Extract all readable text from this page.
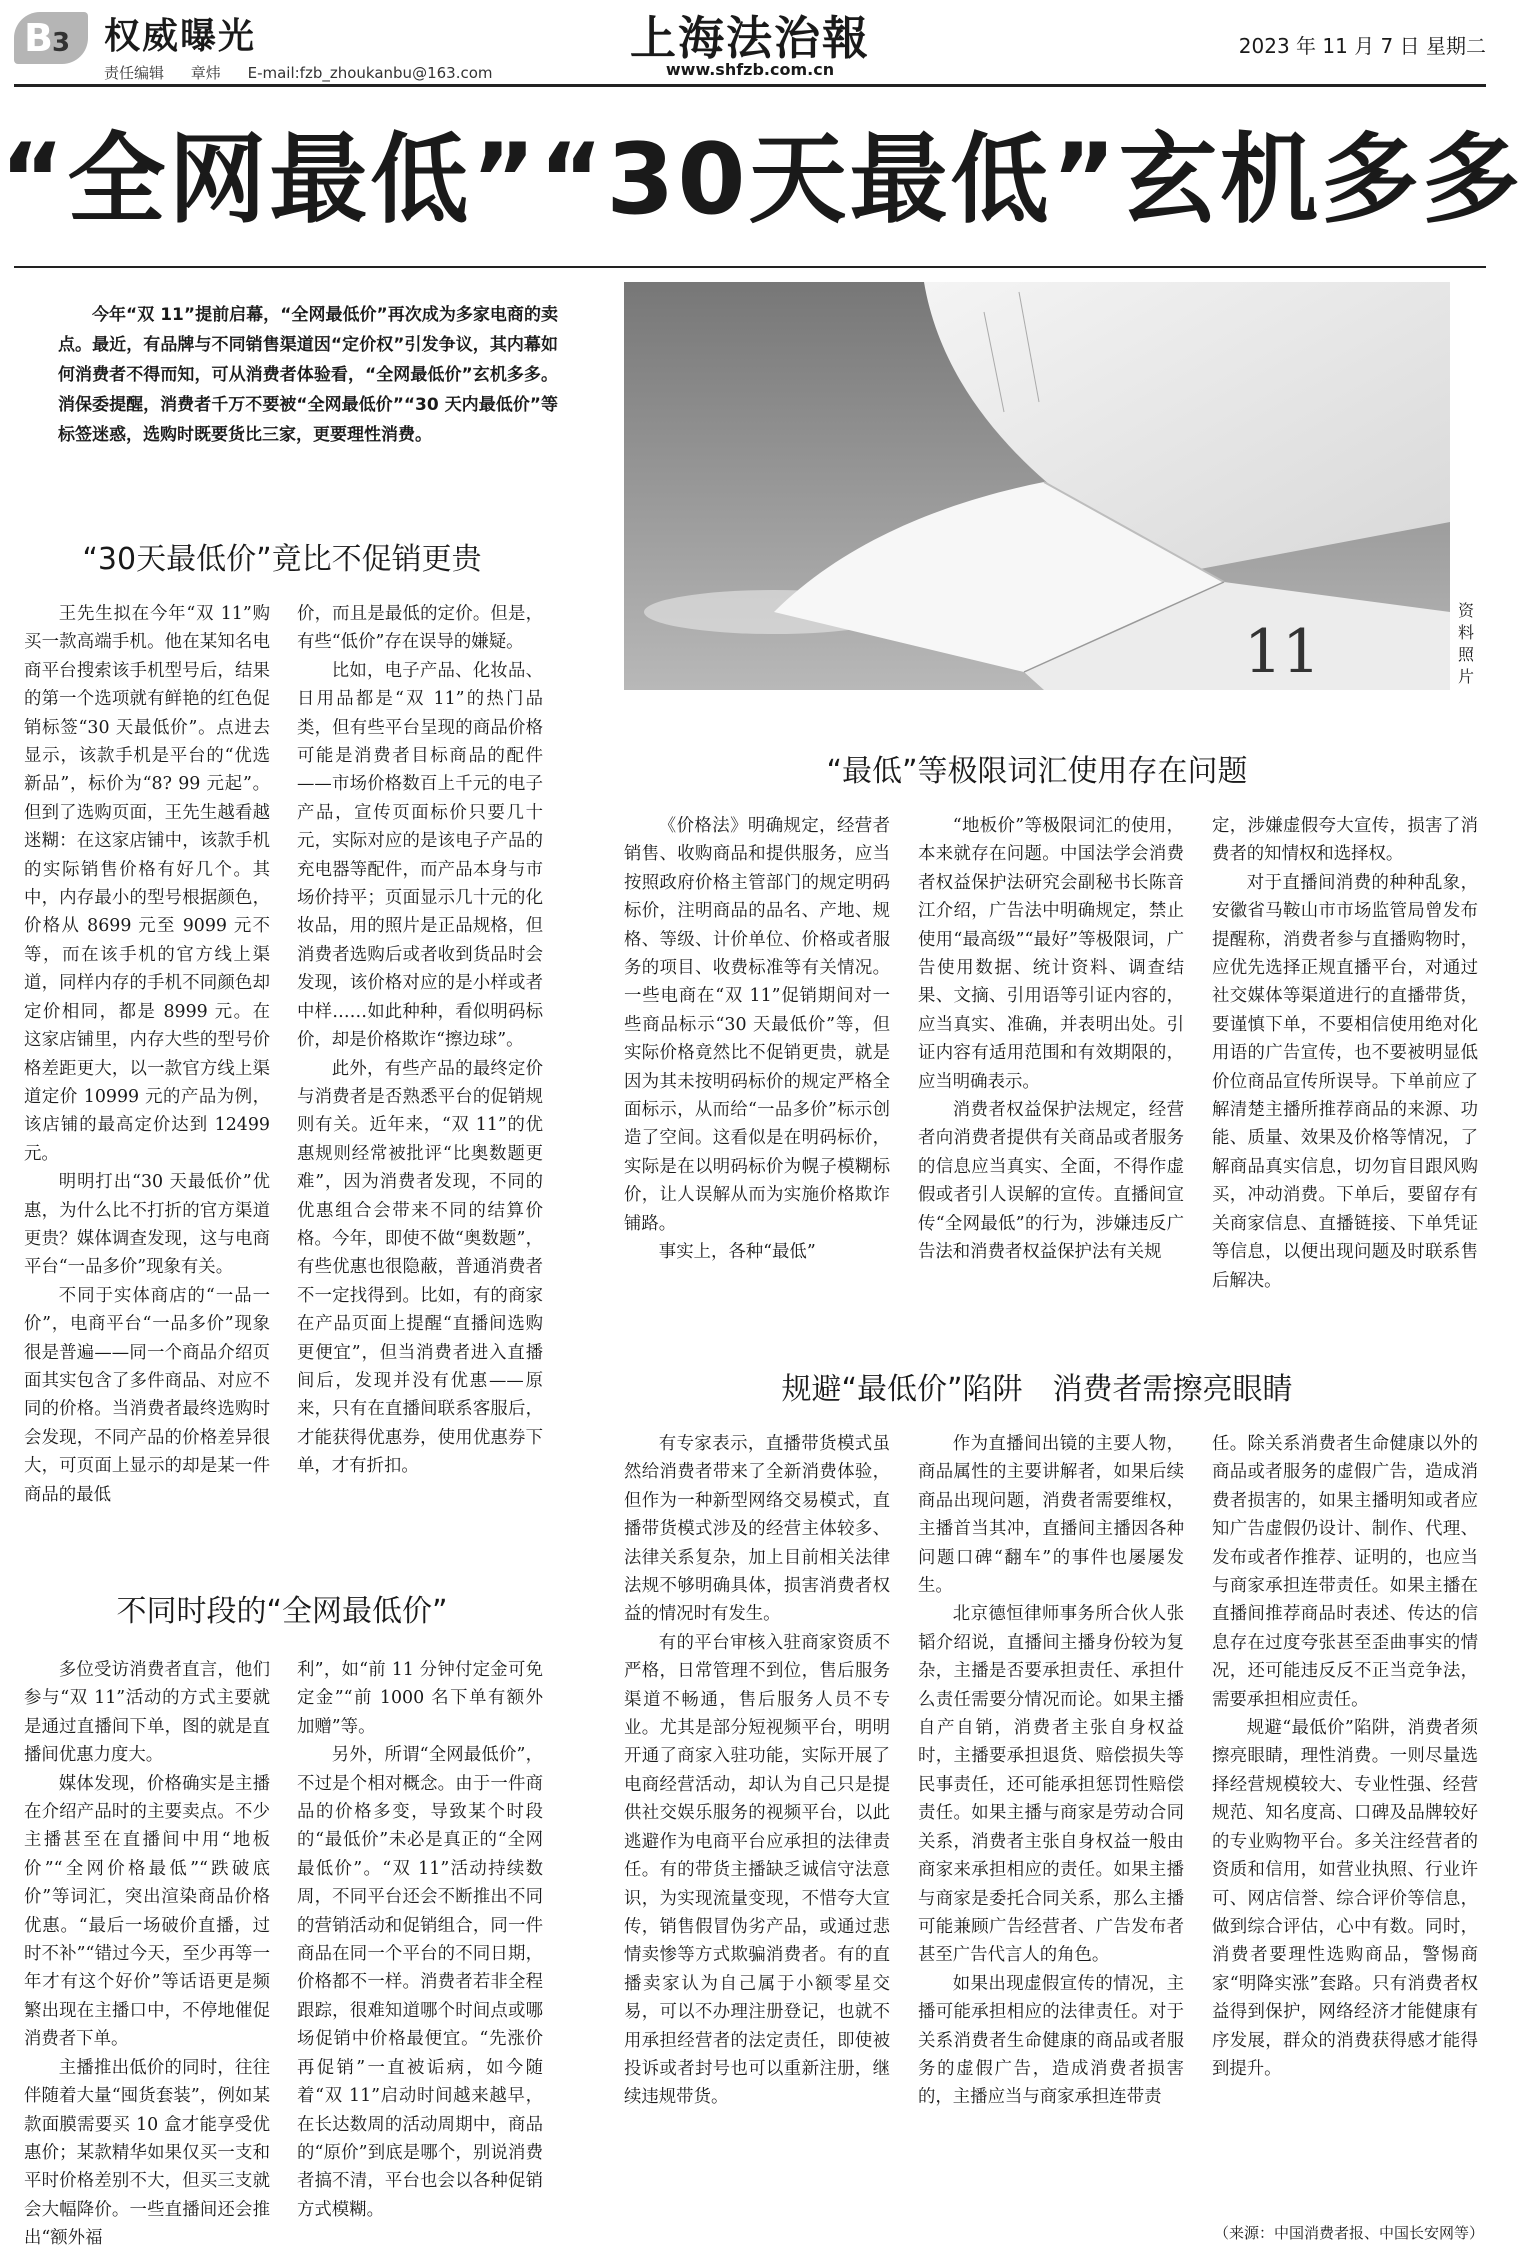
B3 权威曝光
责任编辑 章炜 E-mail:fzb_zhoukanbu@163.com
上海法治報
www.shfzb.com.cn
2023 年 11 月 7 日 星期二
“全网最低”“30天最低”玄机多多
今年“双 11”提前启幕，“全网最低价”再次成为多家电商的卖点。最近，有品牌与不同销售渠道因“定价权”引发争议，其内幕如何消费者不得而知，可从消费者体验看，“全网最低价”玄机多多。消保委提醒，消费者千万不要被“全网最低价”“30 天内最低价”等标签迷惑，选购时既要货比三家，更要理性消费。
11
资料照片
“30天最低价”竟比不促销更贵

王先生拟在今年“双 11”购买一款高端手机。他在某知名电商平台搜索该手机型号后，结果的第一个选项就有鲜艳的红色促销标签“30 天最低价”。点进去显示，该款手机是平台的“优选新品”，标价为“8? 99 元起”。但到了选购页面，王先生越看越迷糊：在这家店铺中，该款手机的实际销售价格有好几个。其中，内存最小的型号根据颜色，价格从 8699 元至 9099 元不等，而在该手机的官方线上渠道，同样内存的手机不同颜色却定价相同，都是 8999 元。在这家店铺里，内存大些的型号价格差距更大，以一款官方线上渠道定价 10999 元的产品为例，该店铺的最高定价达到 12499 元。

明明打出“30 天最低价”优惠，为什么比不打折的官方渠道更贵？媒体调查发现，这与电商平台“一品多价”现象有关。

不同于实体商店的“一品一价”，电商平台“一品多价”现象很是普遍——同一个商品介绍页面其实包含了多件商品、对应不同的价格。当消费者最终选购时会发现，不同产品的价格差异很大，可页面上显示的却是某一件商品的最低

价，而且是最低的定价。但是，有些“低价”存在误导的嫌疑。

比如，电子产品、化妆品、日用品都是“双 11”的热门品类，但有些平台呈现的商品价格可能是消费者目标商品的配件——市场价格数百上千元的电子产品，宣传页面标价只要几十元，实际对应的是该电子产品的充电器等配件，而产品本身与市场价持平；页面显示几十元的化妆品，用的照片是正品规格，但消费者选购后或者收到货品时会发现，该价格对应的是小样或者中样……如此种种，看似明码标价，却是价格欺诈“擦边球”。

此外，有些产品的最终定价与消费者是否熟悉平台的促销规则有关。近年来，“双 11”的优惠规则经常被批评“比奥数题更难”，因为消费者发现，不同的优惠组合会带来不同的结算价格。今年，即使不做“奥数题”，有些优惠也很隐蔽，普通消费者不一定找得到。比如，有的商家在产品页面上提醒“直播间选购更便宜”，但当消费者进入直播间后，发现并没有优惠——原来，只有在直播间联系客服后，才能获得优惠券，使用优惠券下单，才有折扣。

不同时段的“全网最低价”

多位受访消费者直言，他们参与“双 11”活动的方式主要就是通过直播间下单，图的就是直播间优惠力度大。

媒体发现，价格确实是主播在介绍产品时的主要卖点。不少主播甚至在直播间中用“地板价”“全网价格最低”“跌破底价”等词汇，突出渲染商品价格优惠。“最后一场破价直播，过时不补”“错过今天，至少再等一年才有这个好价”等话语更是频繁出现在主播口中，不停地催促消费者下单。

主播推出低价的同时，往往伴随着大量“囤货套装”，例如某款面膜需要买 10 盒才能享受优惠价；某款精华如果仅买一支和平时价格差别不大，但买三支就会大幅降价。一些直播间还会推出“额外福

利”，如“前 11 分钟付定金可免定金”“前 1000 名下单有额外加赠”等。

另外，所谓“全网最低价”，不过是个相对概念。由于一件商品的价格多变，导致某个时段的“最低价”未必是真正的“全网最低价”。“双 11”活动持续数周，不同平台还会不断推出不同的营销活动和促销组合，同一件商品在同一个平台的不同日期，价格都不一样。消费者若非全程跟踪，很难知道哪个时间点或哪场促销中价格最便宜。“先涨价再促销”一直被诟病，如今随着“双 11”启动时间越来越早，在长达数周的活动周期中，商品的“原价”到底是哪个，别说消费者搞不清，平台也会以各种促销方式模糊。

“最低”等极限词汇使用存在问题

《价格法》明确规定，经营者销售、收购商品和提供服务，应当按照政府价格主管部门的规定明码标价，注明商品的品名、产地、规格、等级、计价单位、价格或者服务的项目、收费标准等有关情况。一些电商在“双 11”促销期间对一些商品标示“30 天最低价”等，但实际价格竟然比不促销更贵，就是因为其未按明码标价的规定严格全面标示，从而给“一品多价”标示创造了空间。这看似是在明码标价，实际是在以明码标价为幌子模糊标价，让人误解从而为实施价格欺诈铺路。

事实上，各种“最低”

“地板价”等极限词汇的使用，本来就存在问题。中国法学会消费者权益保护法研究会副秘书长陈音江介绍，广告法中明确规定，禁止使用“最高级”“最好”等极限词，广告使用数据、统计资料、调查结果、文摘、引用语等引证内容的，应当真实、准确，并表明出处。引证内容有适用范围和有效期限的，应当明确表示。

消费者权益保护法规定，经营者向消费者提供有关商品或者服务的信息应当真实、全面，不得作虚假或者引人误解的宣传。直播间宣传“全网最低”的行为，涉嫌违反广告法和消费者权益保护法有关规

定，涉嫌虚假夸大宣传，损害了消费者的知情权和选择权。

对于直播间消费的种种乱象，安徽省马鞍山市市场监管局曾发布提醒称，消费者参与直播购物时，应优先选择正规直播平台，对通过社交媒体等渠道进行的直播带货，要谨慎下单，不要相信使用绝对化用语的广告宣传，也不要被明显低价位商品宣传所误导。下单前应了解清楚主播所推荐商品的来源、功能、质量、效果及价格等情况，了解商品真实信息，切勿盲目跟风购买，冲动消费。下单后，要留存有关商家信息、直播链接、下单凭证等信息，以便出现问题及时联系售后解决。

规避“最低价”陷阱　消费者需擦亮眼睛

有专家表示，直播带货模式虽然给消费者带来了全新消费体验，但作为一种新型网络交易模式，直播带货模式涉及的经营主体较多、法律关系复杂，加上目前相关法律法规不够明确具体，损害消费者权益的情况时有发生。

有的平台审核入驻商家资质不严格，日常管理不到位，售后服务渠道不畅通，售后服务人员不专业。尤其是部分短视频平台，明明开通了商家入驻功能，实际开展了电商经营活动，却认为自己只是提供社交娱乐服务的视频平台，以此逃避作为电商平台应承担的法律责任。有的带货主播缺乏诚信守法意识，为实现流量变现，不惜夸大宣传，销售假冒伪劣产品，或通过悲情卖惨等方式欺骗消费者。有的直播卖家认为自己属于小额零星交易，可以不办理注册登记，也就不用承担经营者的法定责任，即使被投诉或者封号也可以重新注册，继续违规带货。

作为直播间出镜的主要人物，商品属性的主要讲解者，如果后续商品出现问题，消费者需要维权，主播首当其冲，直播间主播因各种问题口碑“翻车”的事件也屡屡发生。

北京德恒律师事务所合伙人张韬介绍说，直播间主播身份较为复杂，主播是否要承担责任、承担什么责任需要分情况而论。如果主播自产自销，消费者主张自身权益时，主播要承担退货、赔偿损失等民事责任，还可能承担惩罚性赔偿责任。如果主播与商家是劳动合同关系，消费者主张自身权益一般由商家来承担相应的责任。如果主播与商家是委托合同关系，那么主播可能兼顾广告经营者、广告发布者甚至广告代言人的角色。

如果出现虚假宣传的情况，主播可能承担相应的法律责任。对于关系消费者生命健康的商品或者服务的虚假广告，造成消费者损害的，主播应当与商家承担连带责

任。除关系消费者生命健康以外的商品或者服务的虚假广告，造成消费者损害的，如果主播明知或者应知广告虚假仍设计、制作、代理、发布或者作推荐、证明的，也应当与商家承担连带责任。如果主播在直播间推荐商品时表述、传达的信息存在过度夸张甚至歪曲事实的情况，还可能违反反不正当竞争法，需要承担相应责任。

规避“最低价”陷阱，消费者须擦亮眼睛，理性消费。一则尽量选择经营规模较大、专业性强、经营规范、知名度高、口碑及品牌较好的专业购物平台。多关注经营者的资质和信用，如营业执照、行业许可、网店信誉、综合评价等信息，做到综合评估，心中有数。同时，消费者要理性选购商品，警惕商家“明降实涨”套路。只有消费者权益得到保护，网络经济才能健康有序发展，群众的消费获得感才能得到提升。

（来源：中国消费者报、中国长安网等）
